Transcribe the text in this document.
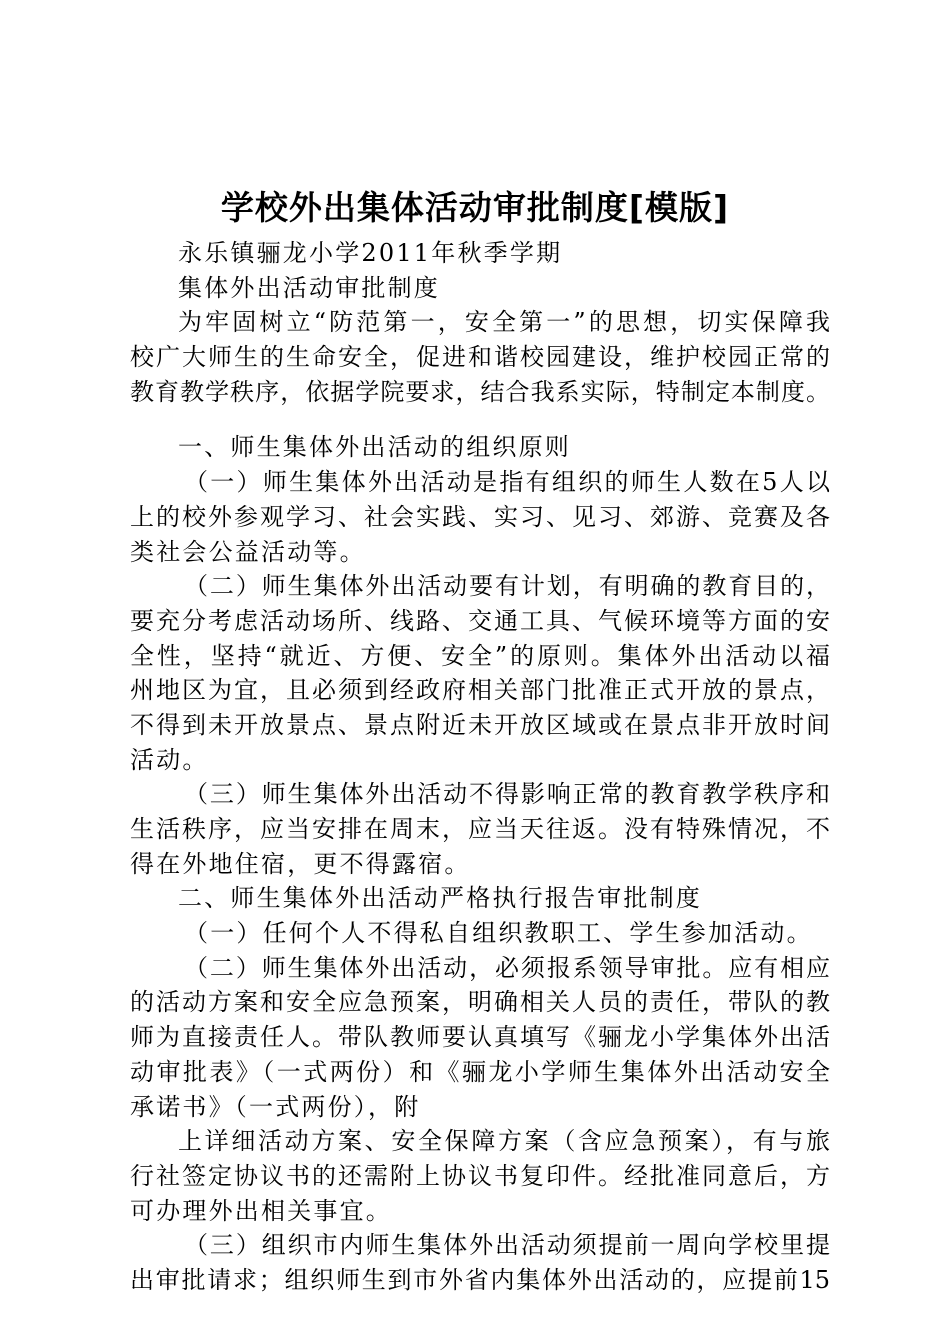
学校外出集体活动审批制度[模版]
永乐镇骊龙小学2011年秋季学期
集体外出活动审批制度
为牢固树立“防范第一，安全第一”的思想，切实保障我
校广大师生的生命安全，促进和谐校园建设，维护校园正常的
教育教学秩序，依据学院要求，结合我系实际，特制定本制度。
一、师生集体外出活动的组织原则
（一）师生集体外出活动是指有组织的师生人数在5人以
上的校外参观学习、社会实践、实习、见习、郊游、竞赛及各
类社会公益活动等。
（二）师生集体外出活动要有计划，有明确的教育目的，
要充分考虑活动场所、线路、交通工具、气候环境等方面的安
全性，坚持“就近、方便、安全”的原则。集体外出活动以福
州地区为宜，且必须到经政府相关部门批准正式开放的景点，
不得到未开放景点、景点附近未开放区域或在景点非开放时间
活动。
（三）师生集体外出活动不得影响正常的教育教学秩序和
生活秩序，应当安排在周末，应当天往返。没有特殊情况，不
得在外地住宿，更不得露宿。
二、师生集体外出活动严格执行报告审批制度
（一）任何个人不得私自组织教职工、学生参加活动。
（二）师生集体外出活动，必须报系领导审批。应有相应
的活动方案和安全应急预案，明确相关人员的责任，带队的教
师为直接责任人。带队教师要认真填写《骊龙小学集体外出活
动审批表》（一式两份）和《骊龙小学师生集体外出活动安全
承诺书》（一式两份），附
上详细活动方案、安全保障方案（含应急预案），有与旅
行社签定协议书的还需附上协议书复印件。经批准同意后，方
可办理外出相关事宜。
（三）组织市内师生集体外出活动须提前一周向学校里提
出审批请求；组织师生到市外省内集体外出活动的，应提前15
